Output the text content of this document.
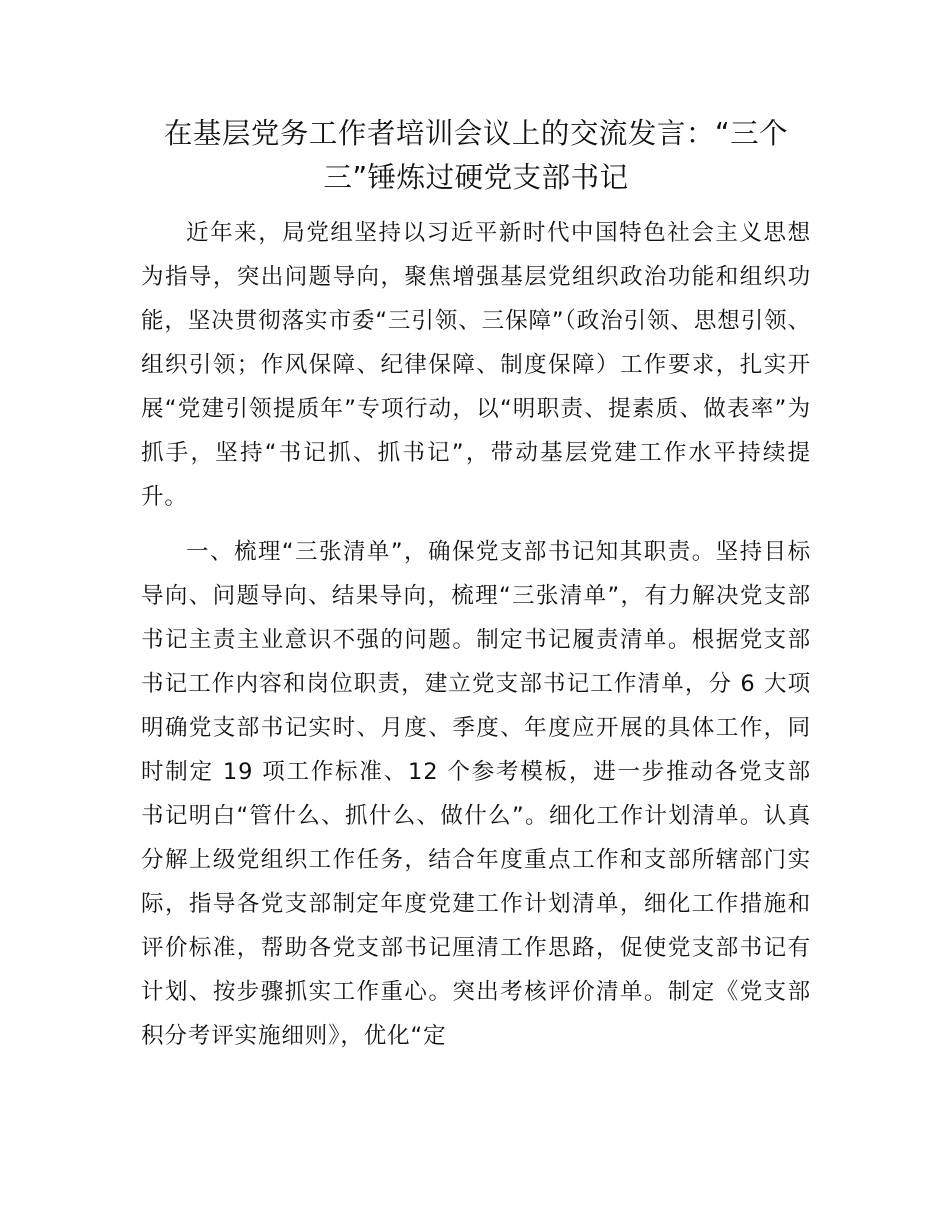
在基层党务工作者培训会议上的交流发言：“三个三”锤炼过硬党支部书记

近年来，局党组坚持以习近平新时代中国特色社会主义思想为指导，突出问题导向，聚焦增强基层党组织政治功能和组织功能，坚决贯彻落实市委“三引领、三保障”（政治引领、思想引领、组织引领；作风保障、纪律保障、制度保障）工作要求，扎实开展“党建引领提质年”专项行动，以“明职责、提素质、做表率”为抓手，坚持“书记抓、抓书记”，带动基层党建工作水平持续提升。

一、梳理“三张清单”，确保党支部书记知其职责。坚持目标导向、问题导向、结果导向，梳理“三张清单”，有力解决党支部书记主责主业意识不强的问题。制定书记履责清单。根据党支部书记工作内容和岗位职责，建立党支部书记工作清单，分 6 大项明确党支部书记实时、月度、季度、年度应开展的具体工作，同时制定 19 项工作标准、12 个参考模板，进一步推动各党支部书记明白“管什么、抓什么、做什么”。细化工作计划清单。认真分解上级党组织工作任务，结合年度重点工作和支部所辖部门实际，指导各党支部制定年度党建工作计划清单，细化工作措施和评价标准，帮助各党支部书记厘清工作思路，促使党支部书记有计划、按步骤抓实工作重心。突出考核评价清单。制定《党支部积分考评实施细则》，优化“定
